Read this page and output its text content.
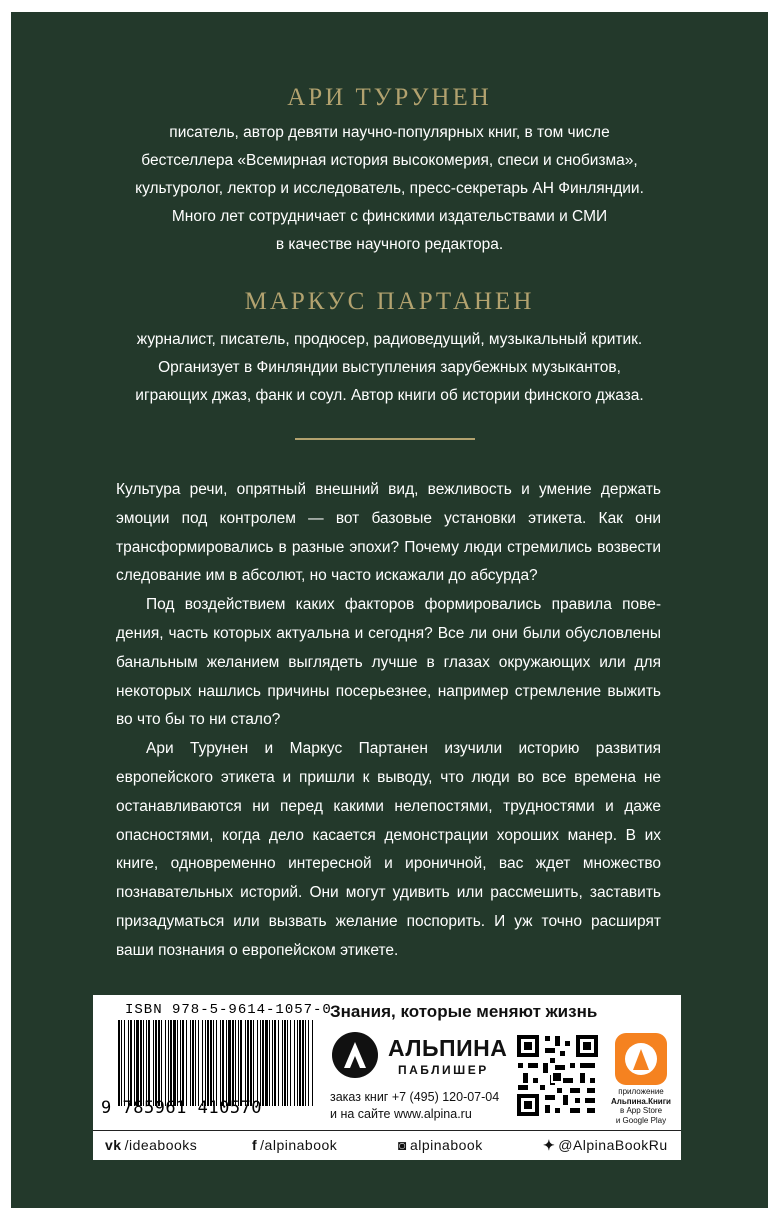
АРИ ТУРУНЕН

писатель, автор девяти научно-популярных книг, в том числе

бестселлера «Всемирная история высокомерия, спеси и снобизма»,

культуролог, лектор и исследователь, пресс-секретарь АН Финляндии.

Много лет сотрудничает с финскими издательствами и СМИ

в качестве научного редактора.

МАРКУС ПАРТАНЕН

журналист, писатель, продюсер, радиоведущий, музыкальный критик.

Организует в Финляндии выступления зарубежных музыкантов,

играющих джаз, фанк и соул. Автор книги об истории финского джаза.

Культура речи, опрятный внешний вид, вежливость и умение держать эмоции под контролем — вот базовые установки этикета. Как они трансформировались в разные эпохи? Почему люди стремились возвести следование им в абсолют, но часто искажали до абсурда?

Под воздействием каких факторов формировались правила поведения, часть которых актуальна и сегодня? Все ли они были обусловлены банальным желанием выглядеть лучше в глазах окружающих или для некоторых нашлись причины посерьезнее, например стремление выжить во что бы то ни стало?

Ари Турунен и Маркус Партанен изучили историю развития европейского этикета и пришли к выводу, что люди во все времена не останавливаются ни перед какими нелепостями, трудностями и даже опасностями, когда дело касается демонстрации хороших манер. В их книге, одновременно интересной и ироничной, вас ждет множество познавательных историй. Они могут удивить или рассмешить, заставить призадуматься или вызвать желание поспорить. И уж точно расширят ваши познания о европейском этикете.

ISBN 978-5-9614-1057-0
9 785961 410570
Знания, которые меняют жизнь
АЛЬПИНА
ПАБЛИШЕР
заказ книг +7 (495) 120-07-04
и на сайте www.alpina.ru
приложение
Альпина.Книги
в App Store
и Google Play
vk /ideabooks	f /alpinabook	◙ alpinabook	✦ @AlpinaBookRu
